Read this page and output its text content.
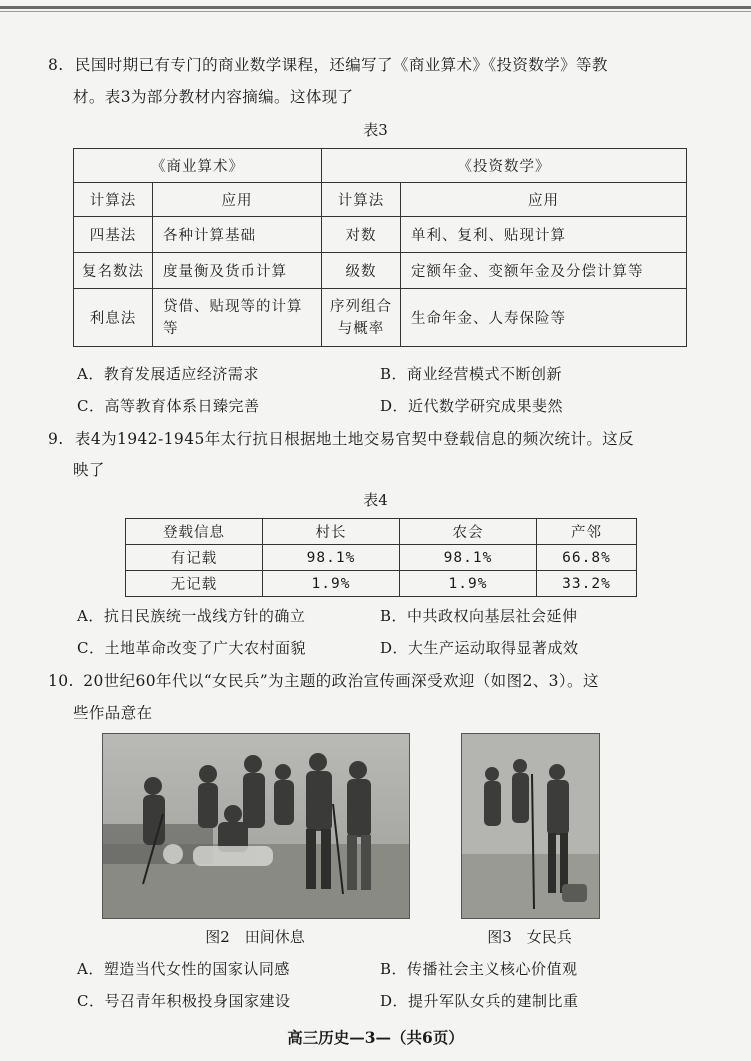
8. 民国时期已有专门的商业数学课程，还编写了《商业算术》《投资数学》等教
材。表3为部分教材内容摘编。这体现了
表3
《商业算术》		《投资数学》	
计算法	应用	计算法	应用
四基法	各种计算基础	对数	单利、复利、贴现计算
复名数法	度量衡及货币计算	级数	定额年金、变额年金及分偿计算等
利息法	贷借、贴现等的计算等	序列组合与概率	生命年金、人寿保险等
A．教育发展适应经济需求	B．商业经营模式不断创新
C．高等教育体系日臻完善	D．近代数学研究成果斐然
9. 表4为1942-1945年太行抗日根据地土地交易官契中登载信息的频次统计。这反
映了
表4
登载信息	村长	农会	产邻
有记载	98.1%	98.1%	66.8%
无记载	1.9%	1.9%	33.2%
A．抗日民族统一战线方针的确立	B．中共政权向基层社会延伸
C．土地革命改变了广大农村面貌	D．大生产运动取得显著成效
10. 20世纪60年代以“女民兵”为主题的政治宣传画深受欢迎（如图2、3）。这
些作品意在
图2　田间休息	图3　女民兵
A．塑造当代女性的国家认同感	B．传播社会主义核心价值观
C．号召青年积极投身国家建设	D．提升军队女兵的建制比重
高三历史—3—（共6页）
